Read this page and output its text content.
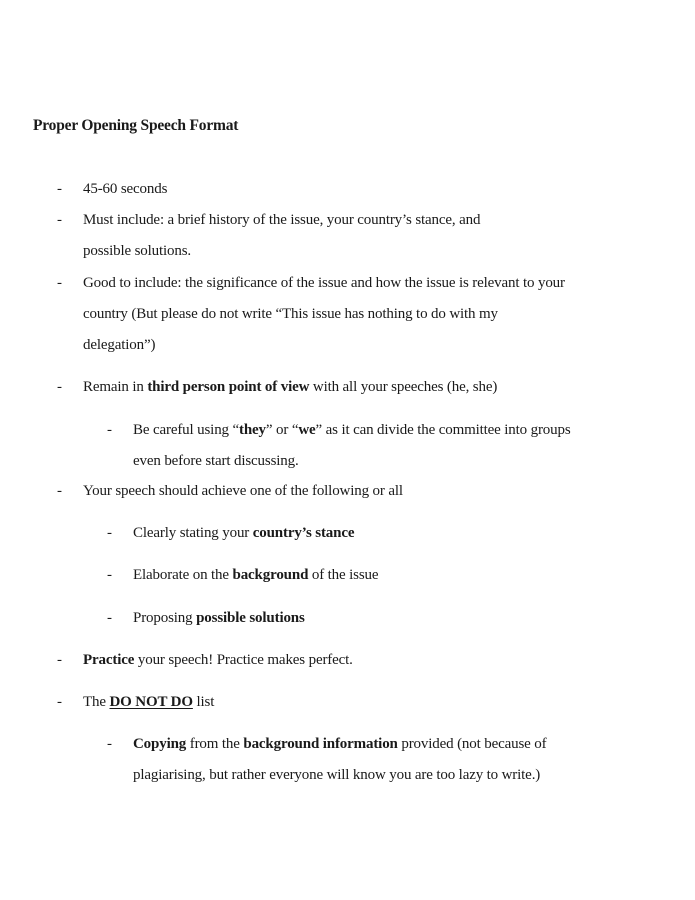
Proper Opening Speech Format
- 45-60 seconds
- Must include: a brief history of the issue, your country’s stance, and
possible solutions.
- Good to include: the significance of the issue and how the issue is relevant to your
country (But please do not write “This issue has nothing to do with my
delegation”)
- Remain in third person point of view with all your speeches (he, she)
- Be careful using “they” or “we” as it can divide the committee into groups
even before start discussing.
- Your speech should achieve one of the following or all
- Clearly stating your country’s stance
- Elaborate on the background of the issue
- Proposing possible solutions
- Practice your speech! Practice makes perfect.
- The DO NOT DO list
- Copying from the background information provided (not because of
plagiarising, but rather everyone will know you are too lazy to write.)
